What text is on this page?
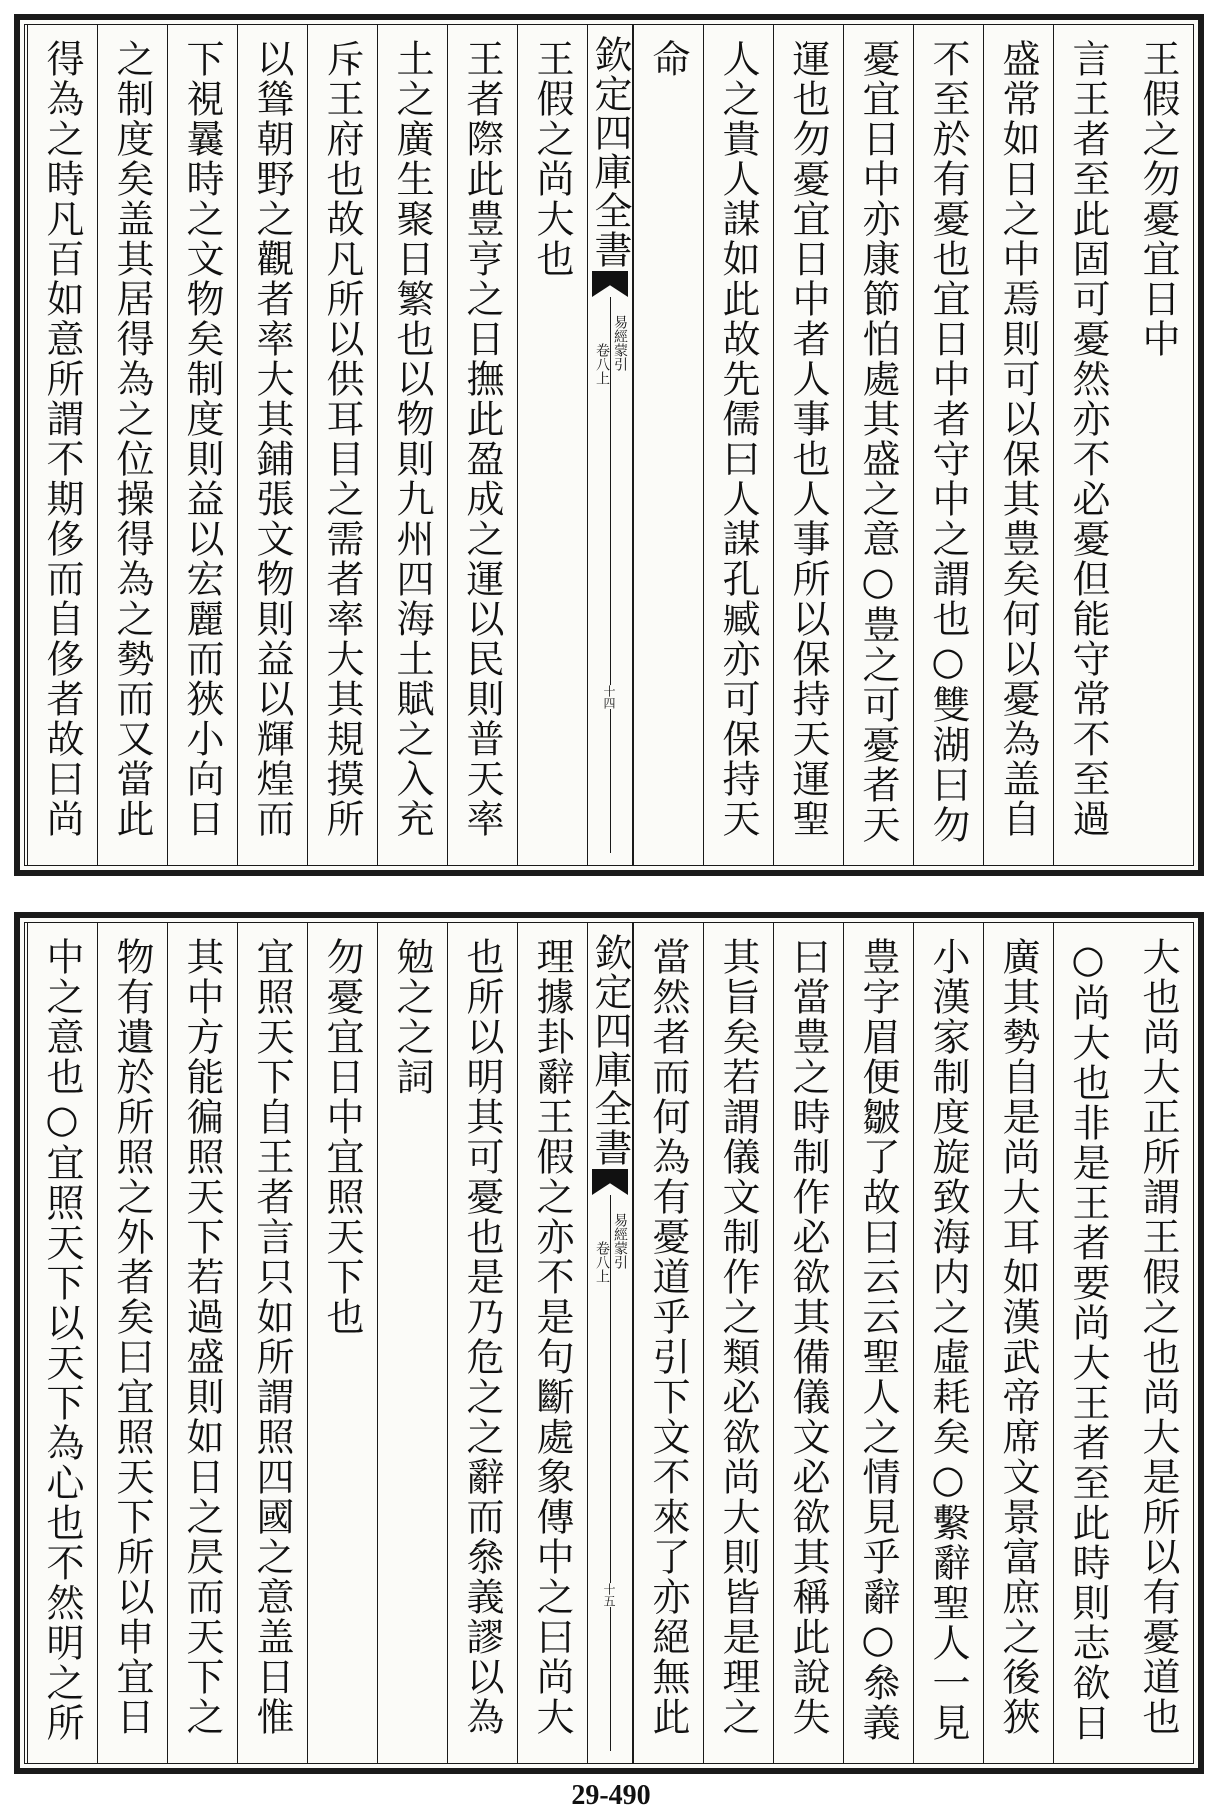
王假之勿憂宜日中
言王者至此固可憂然亦不必憂但能守常不至過
盛常如日之中焉則可以保其豊矣何以憂為盖自
不至於有憂也宜日中者守中之謂也○雙湖曰勿
憂宜日中亦康節怕處其盛之意○豊之可憂者天
運也勿憂宜日中者人事也人事所以保持天運聖
人之貴人謀如此故先儒曰人謀孔臧亦可保持天
命
欽定四庫全書
易經蒙引
卷八上
十四
王假之尚大也
王者際此豊亨之日撫此盈成之運以民則普天率
土之廣生聚日繁也以物則九州四海土賦之入充
斥王府也故凡所以供耳目之需者率大其規摸所
以聳朝野之觀者率大其鋪張文物則益以輝煌而
下視曩時之文物矣制度則益以宏麗而狹小向日
之制度矣盖其居得為之位操得為之勢而又當此
得為之時凡百如意所謂不期侈而自侈者故曰尚
大也尚大正所謂王假之也尚大是所以有憂道也
○尚大也非是王者要尚大王者至此時則志欲日
廣其勢自是尚大耳如漢武帝席文景富庶之後狹
小漢家制度旋致海内之虛耗矣○繫辭聖人一見
豊字眉便皺了故曰云云聖人之情見乎辭○叅義
曰當豊之時制作必欲其備儀文必欲其稱此說失
其旨矣若謂儀文制作之類必欲尚大則皆是理之
當然者而何為有憂道乎引下文不來了亦絕無此
欽定四庫全書
易經蒙引
卷八上
十五
理據卦辭王假之亦不是句斷處象傳中之曰尚大
也所以明其可憂也是乃危之之辭而叅義謬以為
勉之之詞
勿憂宜日中宜照天下也
宜照天下自王者言只如所謂照四國之意盖日惟
其中方能徧照天下若過盛則如日之昃而天下之
物有遺於所照之外者矣曰宜照天下所以申宜日
中之意也○宜照天下以天下為心也不然明之所
29-490
